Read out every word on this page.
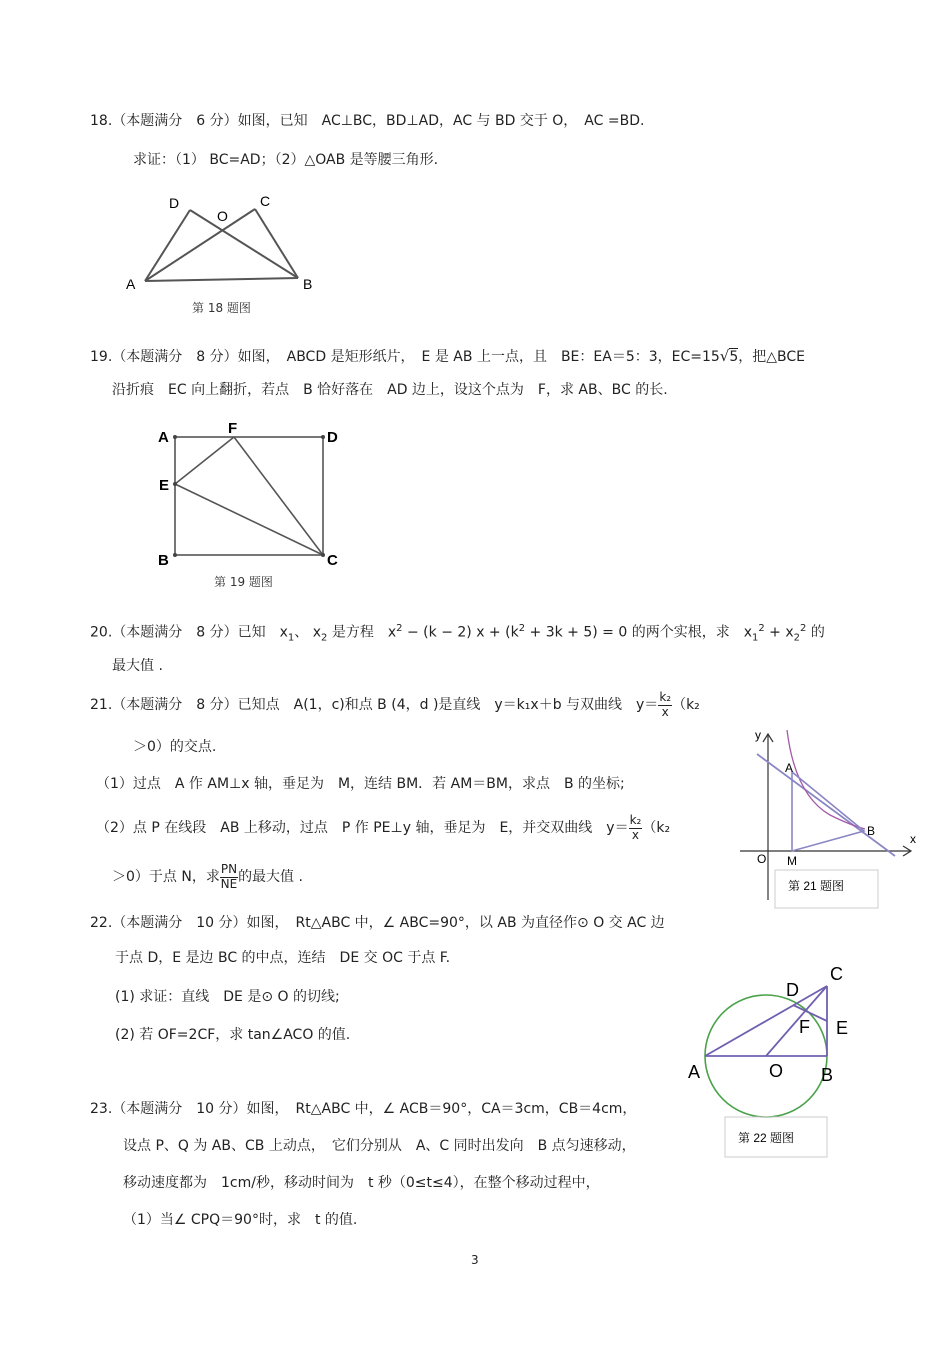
18.（本题满分　6 分）如图，已知　AC⊥BC，BD⊥AD，AC 与 BD 交于 O，　AC =BD.
求证：（1） BC=AD；（2）△OAB 是等腰三角形.
D
O
C
A	B
第 18 题图
19.（本题满分　8 分）如图，　ABCD 是矩形纸片，　E 是 AB 上一点，且　BE：EA＝5：3，EC=15√5，把△BCE
沿折痕　EC 向上翻折，若点　B 恰好落在　AD 边上，设这个点为　F，求 AB、BC 的长.
A
F
D
E
B	C
第 19 题图
20.（本题满分　8 分）已知　$x_1$、 $x_2$ 是方程　$x^2 - (k - 2) x + (k^2 + 3k + 5) = 0$ 的两个实根，求　$x_1^2 + x_2^2$ 的
最大值 .
21.（本题满分　8 分）已知点　A(1，c)和点 B (4，d )是直线　y＝k₁x＋b 与双曲线　$y= \frac{\text{k₂}}{x} (k_2$
＞0）的交点.
（1）过点　A 作 AM⊥x 轴，垂足为　M，连结 BM．若 AM＝BM，求点　B 的坐标;
（2）点 P 在线段　AB 上移动，过点　P 作 PE⊥y 轴，垂足为　E，并交双曲线　$y= \frac{\text{k₂}}{x} (k_2$
＞0）于点 N，求 $\frac{PN}{NE}$ 的最大值 .
y
x
A
B
O M
第 21 题图
22.（本题满分　10 分）如图，　Rt△ABC 中，∠ ABC=90°，以 AB 为直径作⊙ O 交 AC 边
于点 D，E 是边 BC 的中点，连结　DE 交 OC 于点 F.
(1) 求证：直线　DE 是⊙ O 的切线;
(2) 若 OF=2CF，求 tan∠ACO 的值.
C
D
F E
A	O B
第 22 题图
23.（本题满分　10 分）如图，　Rt△ABC 中，∠ ACB＝90°，CA＝3cm，CB＝4cm，
设点 P、Q 为 AB、CB 上动点，　它们分别从　A、C 同时出发向　B 点匀速移动，
移动速度都为　1cm/秒，移动时间为　t 秒（0≤t≤4），在整个移动过程中，
（1）当∠ CPQ＝90°时，求　t 的值.
3
